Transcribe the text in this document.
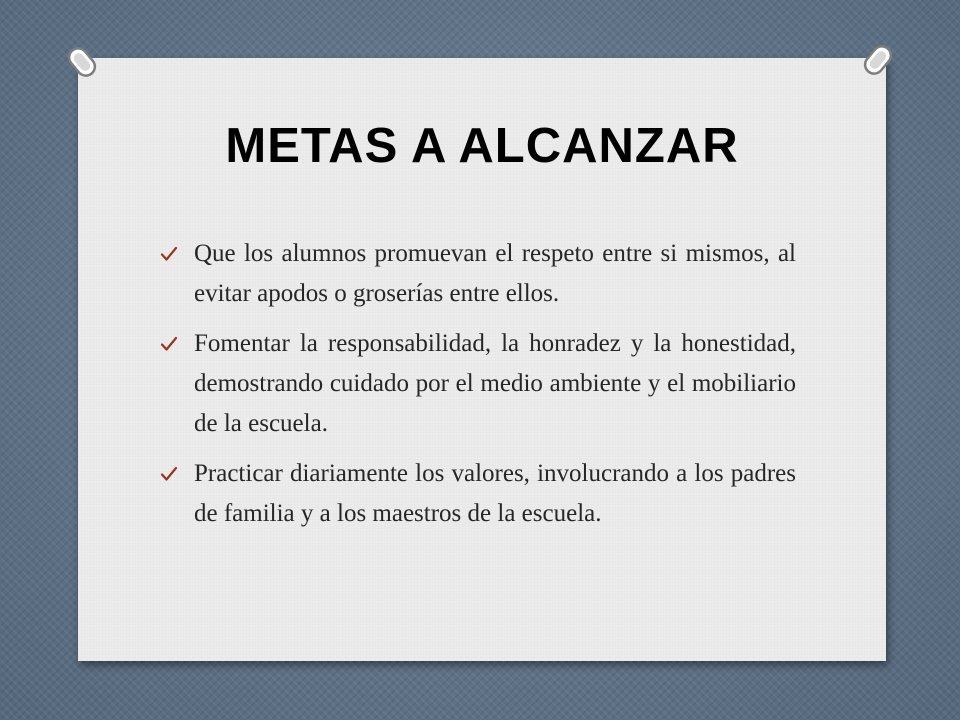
METAS A ALCANZAR
Que los alumnos promuevan el respeto entre si mismos, al evitar apodos o groserías entre ellos.
Fomentar la responsabilidad, la honradez y la honestidad, demostrando cuidado por el medio ambiente y el mobiliario de la escuela.
Practicar diariamente los valores, involucrando a los padres de familia y a los maestros de la escuela.
